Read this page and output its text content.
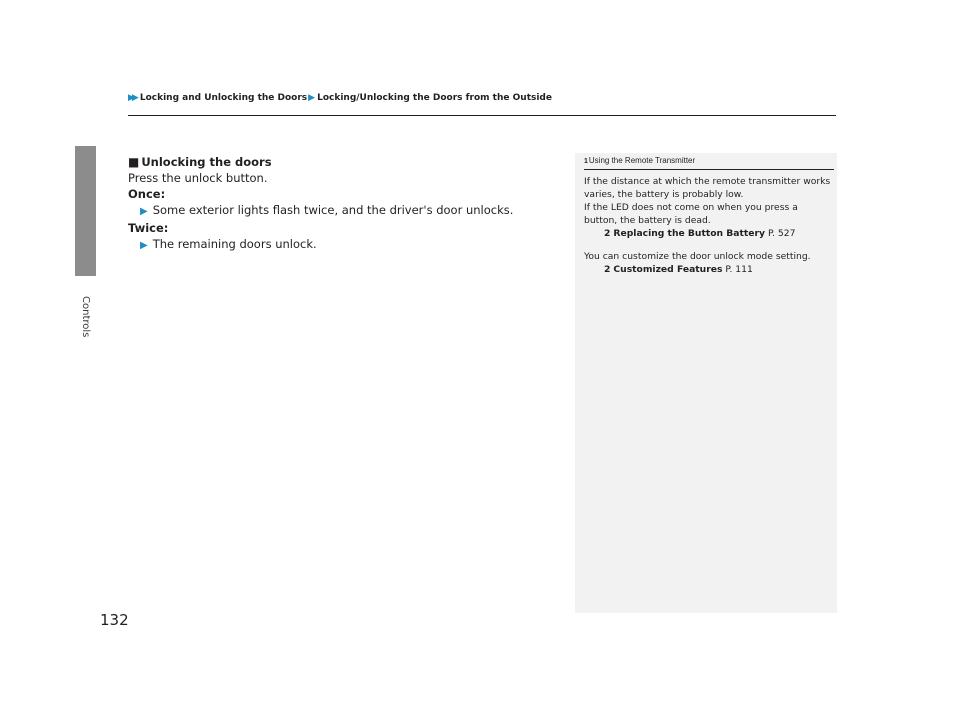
Controls
▶▶ Locking and Unlocking the Doors ▶ Locking/Unlocking the Doors from the Outside
■ Unlocking the doors
Press the unlock button.
Once:
▶ Some exterior lights flash twice, and the driver's door unlocks.
Twice:
▶ The remaining doors unlock.
1Using the Remote Transmitter

If the distance at which the remote transmitter works

varies, the battery is probably low.

If the LED does not come on when you press a

button, the battery is dead.

2 Replacing the Button Battery P. 527

You can customize the door unlock mode setting.

2 Customized Features P. 111

132
